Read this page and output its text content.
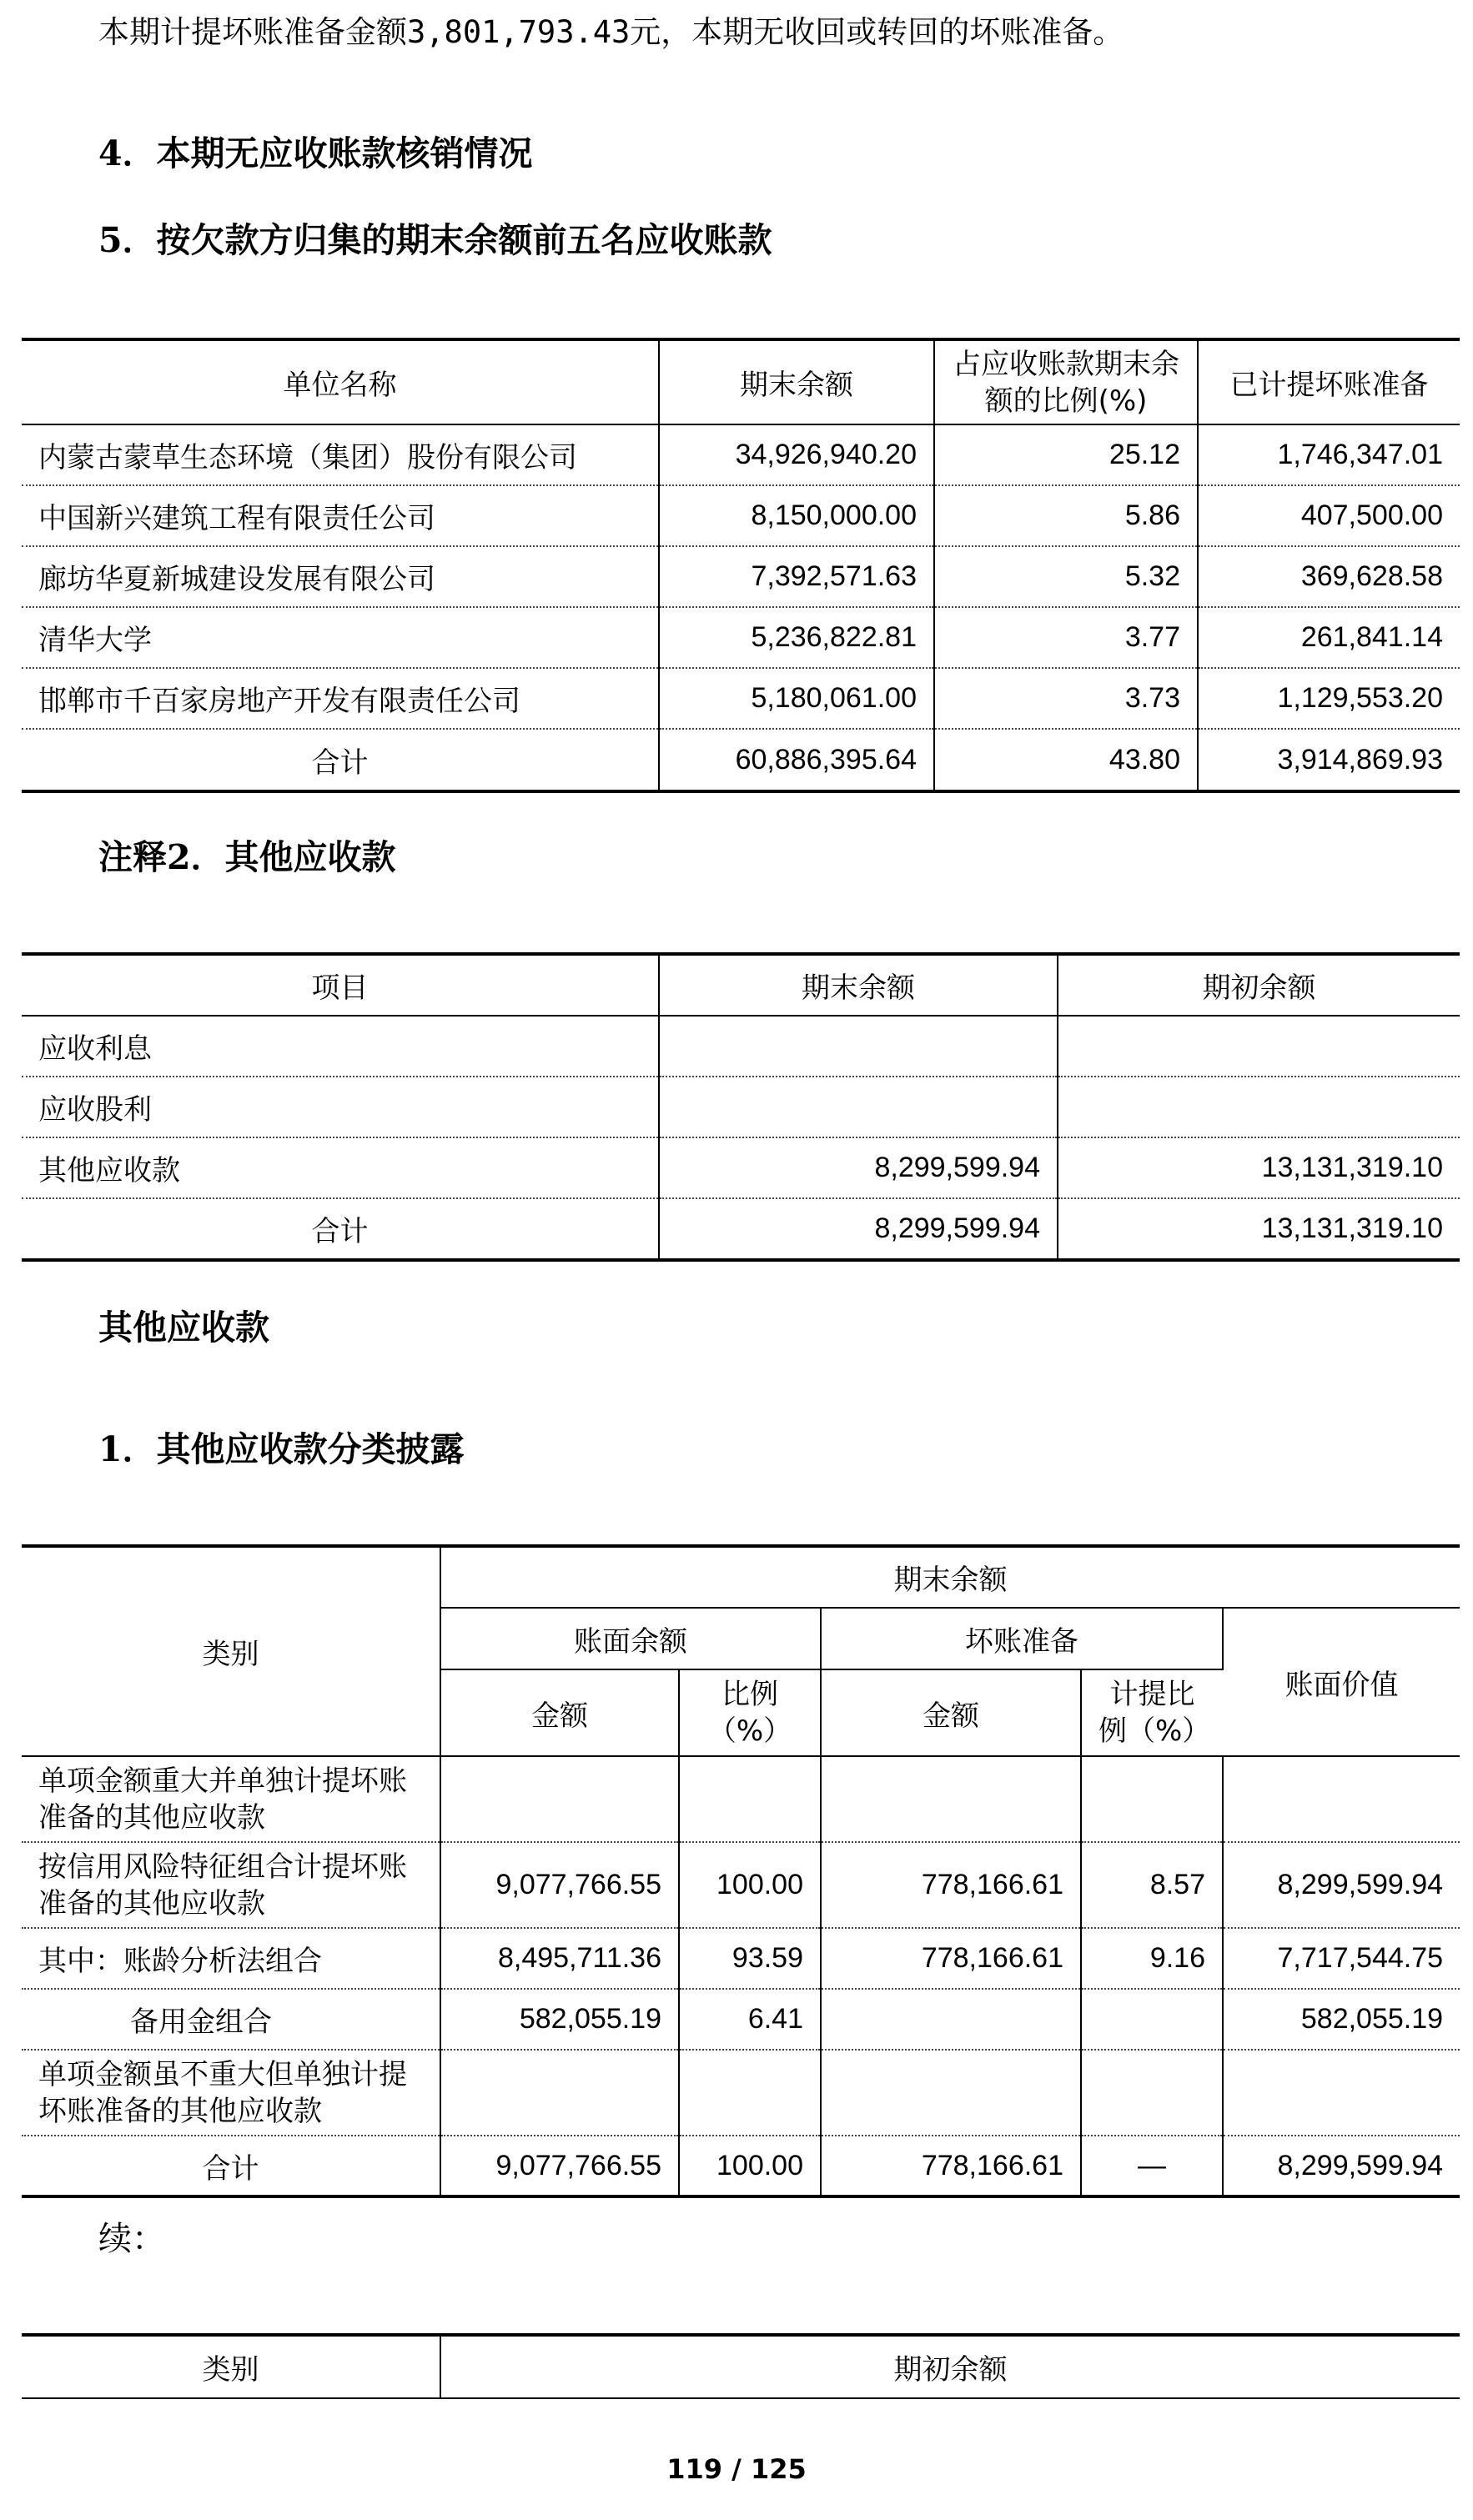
本期计提坏账准备金额3,801,793.43元，本期无收回或转回的坏账准备。

4．本期无应收账款核销情况

5．按欠款方归集的期末余额前五名应收账款

单位名称	期末余额	占应收账款期末余额的比例(%)	已计提坏账准备
内蒙古蒙草生态环境（集团）股份有限公司	34,926,940.20	25.12	1,746,347.01
中国新兴建筑工程有限责任公司	8,150,000.00	5.86	407,500.00
廊坊华夏新城建设发展有限公司	7,392,571.63	5.32	369,628.58
清华大学	5,236,822.81	3.77	261,841.14
邯郸市千百家房地产开发有限责任公司	5,180,061.00	3.73	1,129,553.20
合计	60,886,395.64	43.80	3,914,869.93

注释2．其他应收款

项目	期末余额	期初余额
应收利息		
应收股利		
其他应收款	8,299,599.94	13,131,319.10
合计	8,299,599.94	13,131,319.10

其他应收款

1．其他应收款分类披露

类别	期末余额				
	账面余额		坏账准备		账面价值
	金额	比例（%）	金额	计提比例（%）	
单项金额重大并单独计提坏账准备的其他应收款					
按信用风险特征组合计提坏账准备的其他应收款	9,077,766.55	100.00	778,166.61	8.57	8,299,599.94
其中：账龄分析法组合	8,495,711.36	93.59	778,166.61	9.16	7,717,544.75
备用金组合	582,055.19	6.41			582,055.19
单项金额虽不重大但单独计提坏账准备的其他应收款					
合计	9,077,766.55	100.00	778,166.61	—	8,299,599.94

续：

类别	期初余额
119 / 125
